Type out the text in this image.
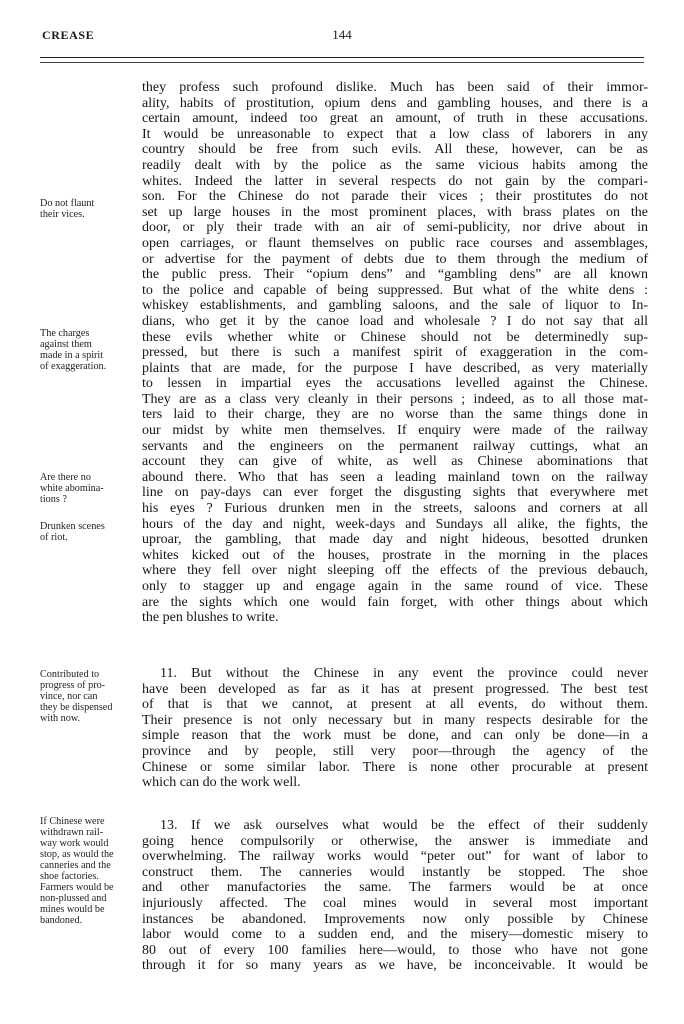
CREASE	144
Do not flaunt
their vices.
The charges
against them
made in a spirit
of exaggeration.
Are there no
white abomina-
tions ?
Drunken scenes
of riot.
Contributed to
progress of pro-
vince, nor can
they be dispensed
with now.
If Chinese were
withdrawn rail-
way work would
stop, as would the
canneries and the
shoe factories.
Farmers would be
non-plussed and
mines would be
bandoned.
they profess such profound dislike. Much has been said of their immor-
ality, habits of prostitution, opium dens and gambling houses, and there is a
certain amount, indeed too great an amount, of truth in these accusations.
It would be unreasonable to expect that a low class of laborers in any
country should be free from such evils. All these, however, can be as
readily dealt with by the police as the same vicious habits among the
whites. Indeed the latter in several respects do not gain by the compari-
son. For the Chinese do not parade their vices ; their prostitutes do not
set up large houses in the most prominent places, with brass plates on the
door, or ply their trade with an air of semi-publicity, nor drive about in
open carriages, or flaunt themselves on public race courses and assemblages,
or advertise for the payment of debts due to them through the medium of
the public press. Their “opium dens” and “gambling dens” are all known
to the police and capable of being suppressed. But what of the white dens :
whiskey establishments, and gambling saloons, and the sale of liquor to In-
dians, who get it by the canoe load and wholesale ? I do not say that all
these evils whether white or Chinese should not be determinedly sup-
pressed, but there is such a manifest spirit of exaggeration in the com-
plaints that are made, for the purpose I have described, as very materially
to lessen in impartial eyes the accusations levelled against the Chinese.
They are as a class very cleanly in their persons ; indeed, as to all those mat-
ters laid to their charge, they are no worse than the same things done in
our midst by white men themselves. If enquiry were made of the railway
servants and the engineers on the permanent railway cuttings, what an
account they can give of white, as well as Chinese abominations that
abound there. Who that has seen a leading mainland town on the railway
line on pay-days can ever forget the disgusting sights that everywhere met
his eyes ? Furious drunken men in the streets, saloons and corners at all
hours of the day and night, week-days and Sundays all alike, the fights, the
uproar, the gambling, that made day and night hideous, besotted drunken
whites kicked out of the houses, prostrate in the morning in the places
where they fell over night sleeping off the effects of the previous debauch,
only to stagger up and engage again in the same round of vice. These
are the sights which one would fain forget, with other things about which
the pen blushes to write.
11. But without the Chinese in any event the province could never
have been developed as far as it has at present progressed. The best test
of that is that we cannot, at present at all events, do without them.
Their presence is not only necessary but in many respects desirable for the
simple reason that the work must be done, and can only be done—in a
province and by people, still very poor—through the agency of the
Chinese or some similar labor. There is none other procurable at present
which can do the work well.
13. If we ask ourselves what would be the effect of their suddenly
going hence compulsorily or otherwise, the answer is immediate and
overwhelming. The railway works would “peter out” for want of labor to
construct them. The canneries would instantly be stopped. The shoe
and other manufactories the same. The farmers would be at once
injuriously affected. The coal mines would in several most important
instances be abandoned. Improvements now only possible by Chinese
labor would come to a sudden end, and the misery—domestic misery to
80 out of every 100 families here—would, to those who have not gone
through it for so many years as we have, be inconceivable. It would be
